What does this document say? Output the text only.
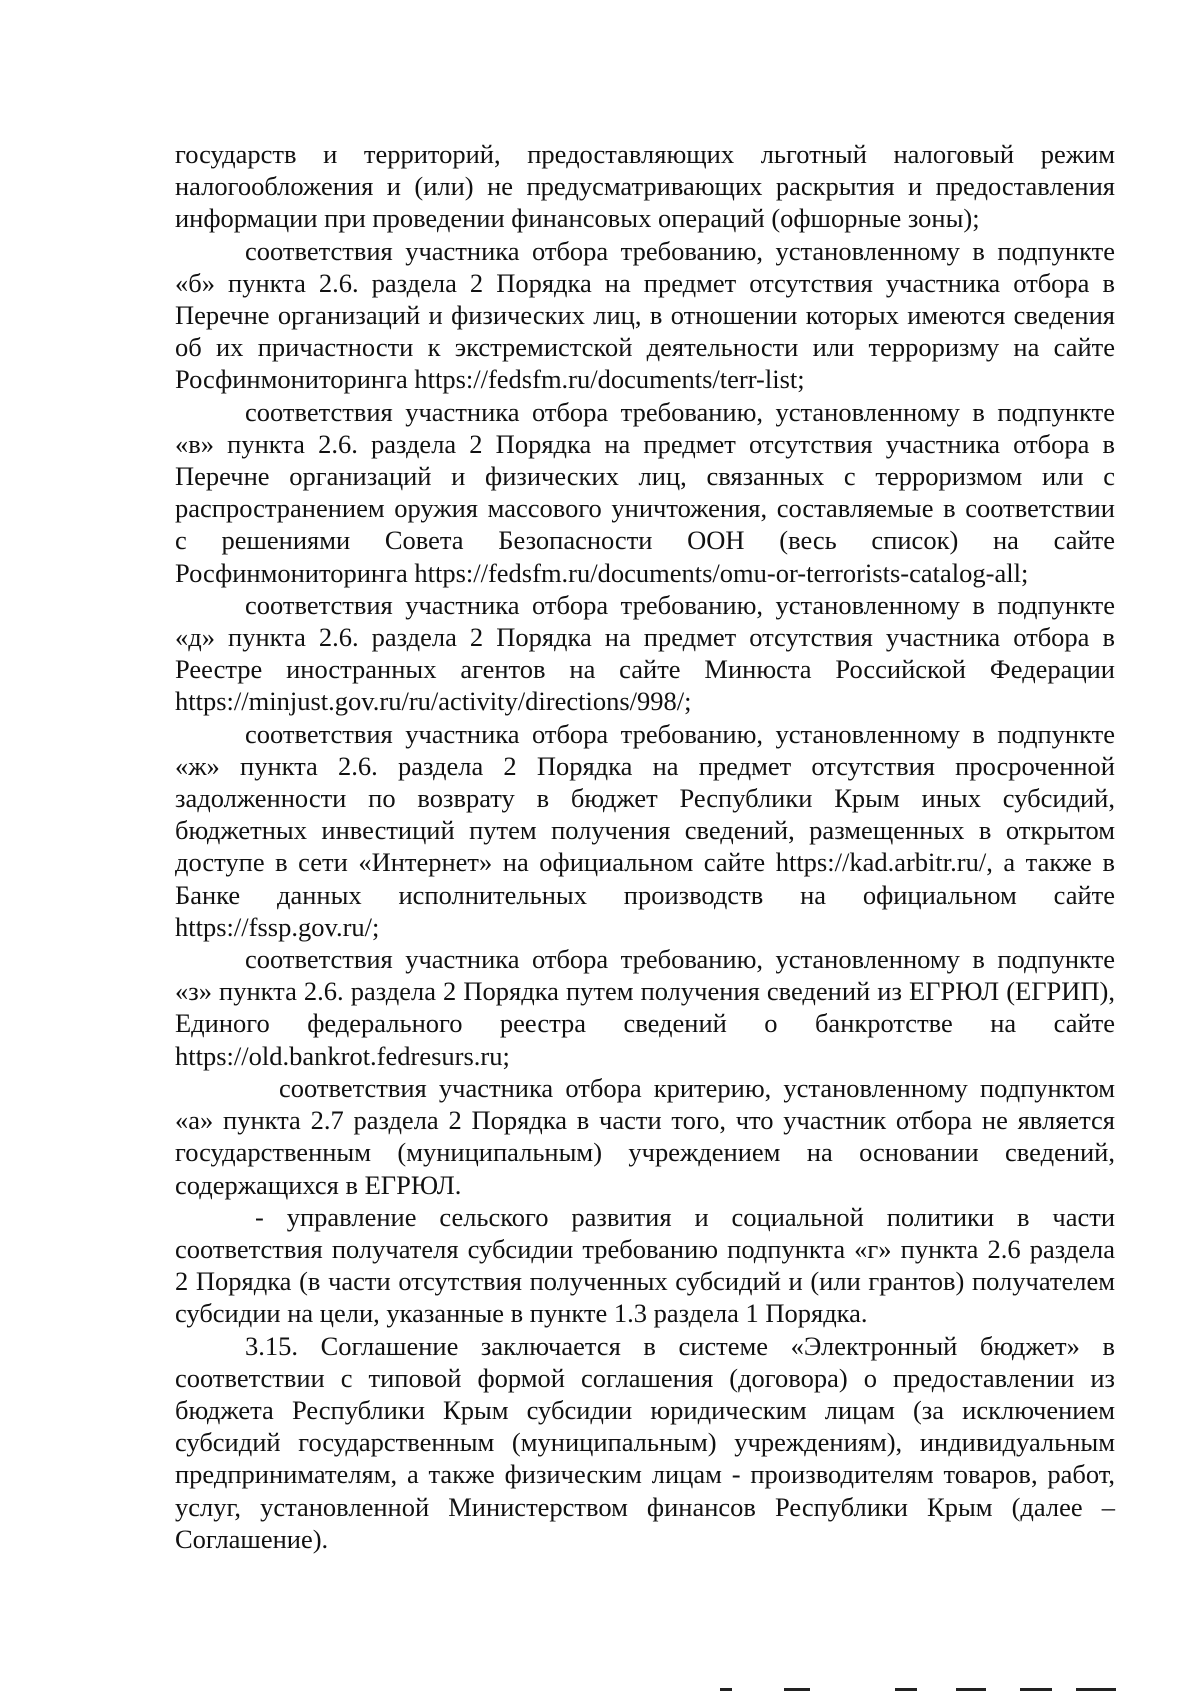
государств и территорий, предоставляющих льготный налоговый режим налогообложения и (или) не предусматривающих раскрытия и предоставления информации при проведении финансовых операций (офшорные зоны);

соответствия участника отбора требованию, установленному в подпункте «б» пункта 2.6. раздела 2 Порядка на предмет отсутствия участника отбора в Перечне организаций и физических лиц, в отношении которых имеются сведения об их причастности к экстремистской деятельности или терроризму на сайте Росфинмониторинга https://fedsfm.ru/documents/terr-list;

соответствия участника отбора требованию, установленному в подпункте «в» пункта 2.6. раздела 2 Порядка на предмет отсутствия участника отбора в Перечне организаций и физических лиц, связанных с терроризмом или с распространением оружия массового уничтожения, составляемые в соответствии с решениями Совета Безопасности ООН (весь список) на сайте Росфинмониторинга https://fedsfm.ru/documents/omu-or-terrorists-catalog-all;

соответствия участника отбора требованию, установленному в подпункте «д» пункта 2.6. раздела 2 Порядка на предмет отсутствия участника отбора в Реестре иностранных агентов на сайте Минюста Российской Федерации https://minjust.gov.ru/ru/activity/directions/998/;

соответствия участника отбора требованию, установленному в подпункте «ж» пункта 2.6. раздела 2 Порядка на предмет отсутствия просроченной задолженности по возврату в бюджет Республики Крым иных субсидий, бюджетных инвестиций путем получения сведений, размещенных в открытом доступе в сети «Интернет» на официальном сайте https://kad.arbitr.ru/, а также в Банке данных исполнительных производств на официальном сайте https://fssp.gov.ru/;

соответствия участника отбора требованию, установленному в подпункте «з» пункта 2.6. раздела 2 Порядка путем получения сведений из ЕГРЮЛ (ЕГРИП), Единого федерального реестра сведений о банкротстве на сайте https://old.bankrot.fedresurs.ru;

соответствия участника отбора критерию, установленному подпунктом «а» пункта 2.7 раздела 2 Порядка в части того, что участник отбора не является государственным (муниципальным) учреждением на основании сведений, содержащихся в ЕГРЮЛ.

- управление сельского развития и социальной политики в части соответствия получателя субсидии требованию подпункта «г» пункта 2.6 раздела 2 Порядка (в части отсутствия полученных субсидий и (или грантов) получателем субсидии на цели, указанные в пункте 1.3 раздела 1 Порядка.

3.15. Соглашение заключается в системе «Электронный бюджет» в соответствии с типовой формой соглашения (договора) о предоставлении из бюджета Республики Крым субсидии юридическим лицам (за исключением субсидий государственным (муниципальным) учреждениям), индивидуальным предпринимателям, а также физическим лицам - производителям товаров, работ, услуг, установленной Министерством финансов Республики Крым (далее – Соглашение).
